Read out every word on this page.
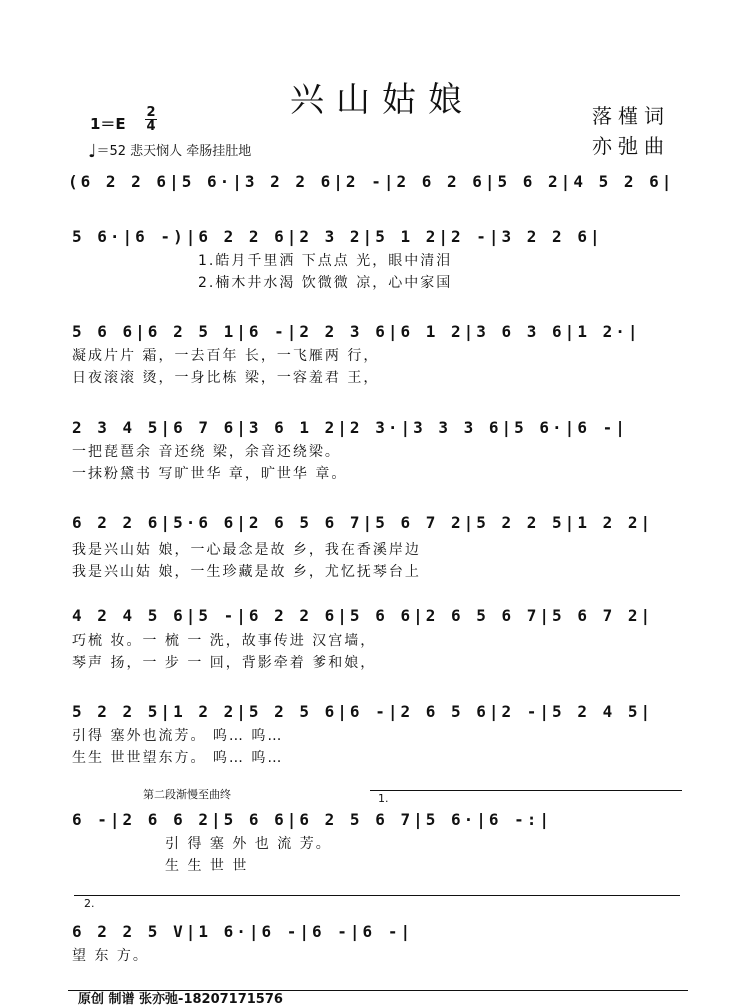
兴山姑娘
1＝E
2
4
♩＝52 悲天悯人 牵肠挂肚地
落槿词
亦弛曲
(6 2 2 6|5 6·|3 2 2 6|2 -|2 6 2 6|5 6 2|4 5 2 6|
5 6·|6 -)|6 2 2 6|2 3 2|5 1 2|2 -|3 2 2 6|
1.皓月千里洒 下点点 光，眼中清泪
2.楠木井水渴 饮微微 凉，心中家国
5 6 6|6 2 5 1|6 -|2 2 3 6|6 1 2|3 6 3 6|1 2·|
凝成片片 霜，一去百年 长，一飞雁两 行，
日夜滚滚 烫，一身比栋 梁，一容羞君 王，
2 3 4 5|6 7 6|3 6 1 2|2 3·|3 3 3 6|5 6·|6 -|
一把琵琶余 音还绕 梁，余音还绕梁。
一抹粉黛书 写旷世华 章，旷世华 章。
6 2 2 6|5·6 6|2 6 5 6 7|5 6 7 2|5 2 2 5|1 2 2|
我是兴山姑 娘，一心最念是故 乡，我在香溪岸边
我是兴山姑 娘，一生珍藏是故 乡，尤忆抚琴台上
4 2 4 5 6|5 -|6 2 2 6|5 6 6|2 6 5 6 7|5 6 7 2|
巧梳 妆。一 梳 一 洗，故事传进 汉宫墙，
琴声 扬，一 步 一 回，背影牵着 爹和娘，
5 2 2 5|1 2 2|5 2 5 6|6 -|2 6 5 6|2 -|5 2 4 5|
引得 塞外也流芳。 呜… 呜…
生生 世世望东方。 呜… 呜…
第二段渐慢至曲终	1.
6 -|2 6 6 2|5 6 6|6 2 5 6 7|5 6·|6 -:|
引 得 塞 外 也 流 芳。
生 生 世 世
2.
6 2 2 5 V|1 6·|6 -|6 -|6 -|
望 东 方。
原创 制谱 张亦弛-18207171576
